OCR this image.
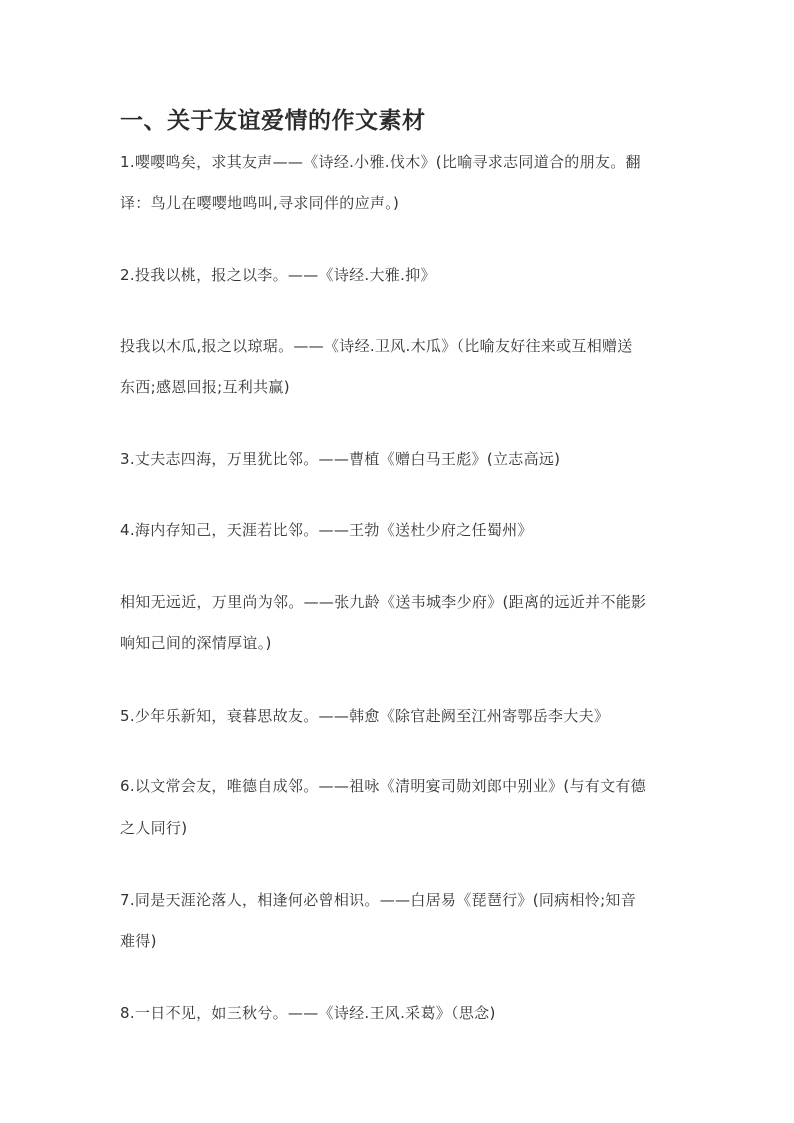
一、关于友谊爱情的作文素材
1.嘤嘤鸣矣，求其友声——《诗经.小雅.伐木》(比喻寻求志同道合的朋友。翻
译：鸟儿在嘤嘤地鸣叫,寻求同伴的应声。)
2.投我以桃，报之以李。——《诗经.大雅.抑》
投我以木瓜,报之以琼琚。——《诗经.卫风.木瓜》（比喻友好往来或互相赠送
东西;感恩回报;互利共赢)
3.丈夫志四海，万里犹比邻。——曹植《赠白马王彪》(立志高远)
4.海内存知己，天涯若比邻。——王勃《送杜少府之任蜀州》
相知无远近，万里尚为邻。——张九龄《送韦城李少府》(距离的远近并不能影
响知己间的深情厚谊。)
5.少年乐新知，衰暮思故友。——韩愈《除官赴阙至江州寄鄂岳李大夫》
6.以文常会友，唯德自成邻。——祖咏《清明宴司勋刘郎中别业》(与有文有德
之人同行)
7.同是天涯沦落人，相逢何必曾相识。——白居易《琵琶行》(同病相怜;知音
难得)
8.一日不见，如三秋兮。——《诗经.王风.采葛》（思念)
